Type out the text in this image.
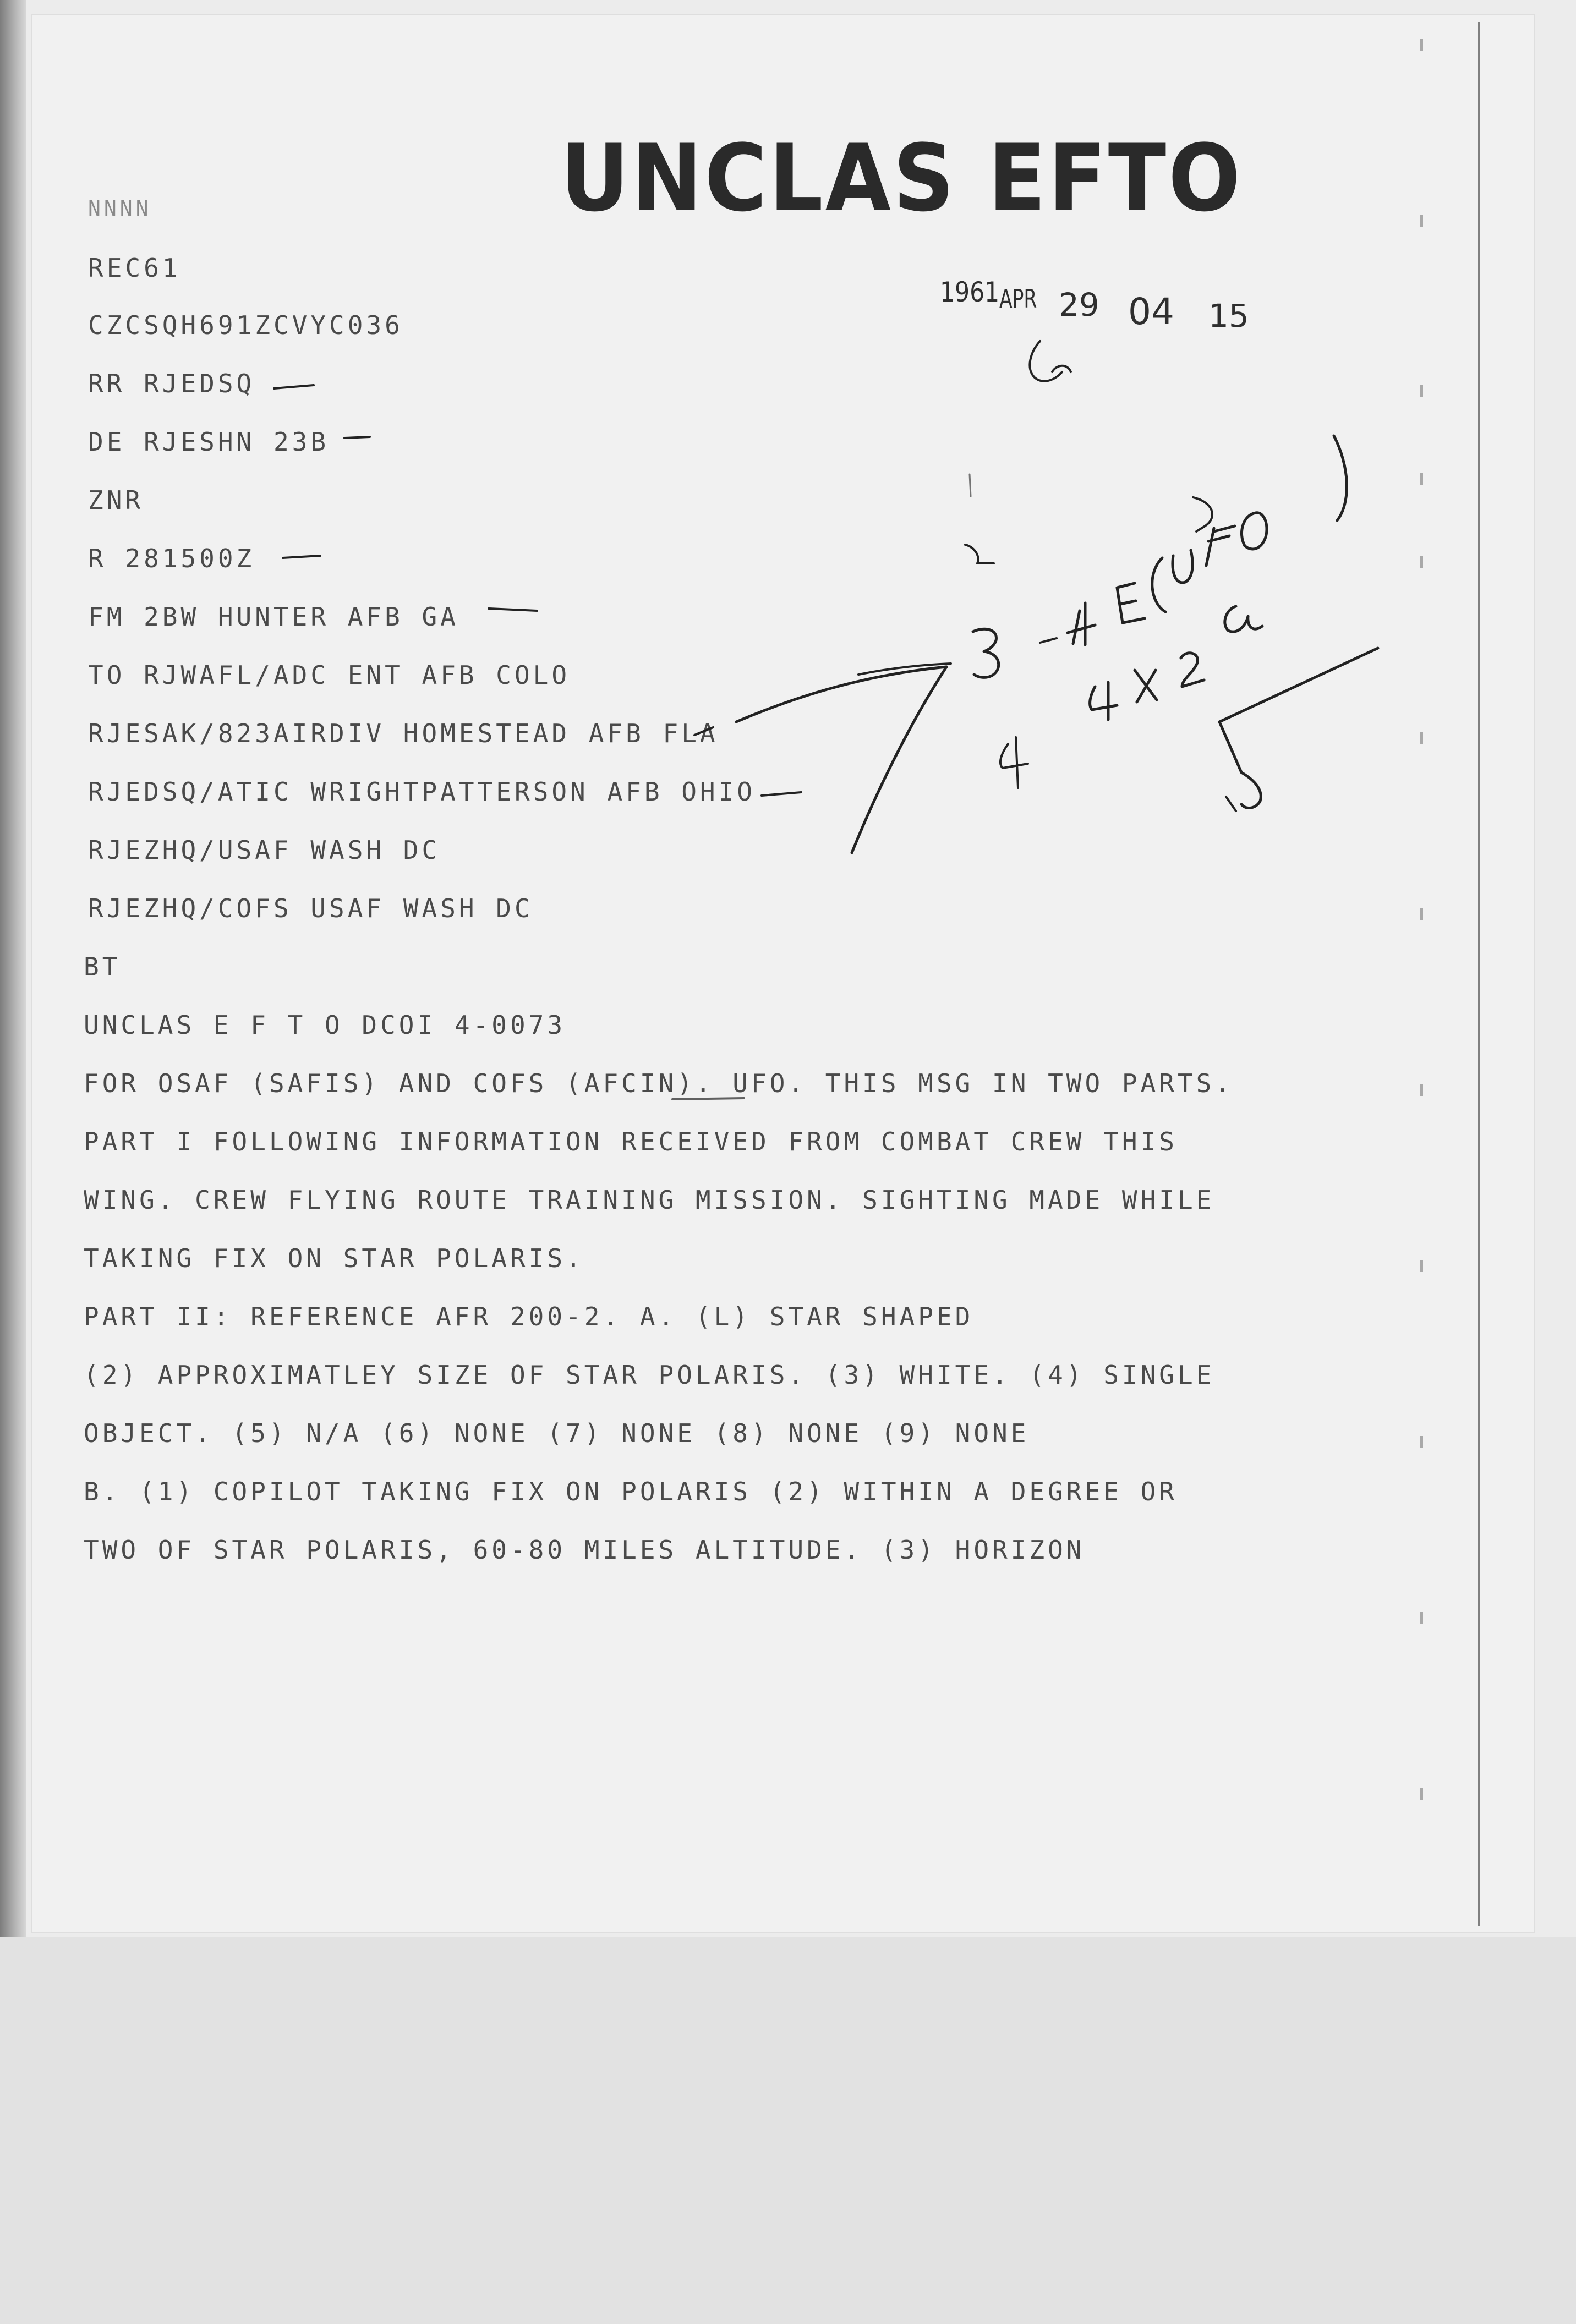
UNCLAS EFTO
1961 APR 29 04 15
NNNN
REC61
CZCSQH691ZCVYC036
RR RJEDSQ
DE RJESHN 23B
ZNR
R 281500Z
FM 2BW HUNTER AFB GA
TO RJWAFL/ADC ENT AFB COLO
RJESAK/823AIRDIV HOMESTEAD AFB FLA
RJEDSQ/ATIC WRIGHTPATTERSON AFB OHIO
RJEZHQ/USAF WASH DC
RJEZHQ/COFS USAF WASH DC
BT
UNCLAS E F T O DCOI 4-0073
FOR OSAF (SAFIS) AND COFS (AFCIN). UFO. THIS MSG IN TWO PARTS.
PART I FOLLOWING INFORMATION RECEIVED FROM COMBAT CREW THIS
WING. CREW FLYING ROUTE TRAINING MISSION. SIGHTING MADE WHILE
TAKING FIX ON STAR POLARIS.
PART II: REFERENCE AFR 200-2. A. (L) STAR SHAPED
(2) APPROXIMATLEY SIZE OF STAR POLARIS. (3) WHITE. (4) SINGLE
OBJECT. (5) N/A (6) NONE (7) NONE (8) NONE (9) NONE
B. (1) COPILOT TAKING FIX ON POLARIS (2) WITHIN A DEGREE OR
TWO OF STAR POLARIS, 60-80 MILES ALTITUDE. (3) HORIZON
